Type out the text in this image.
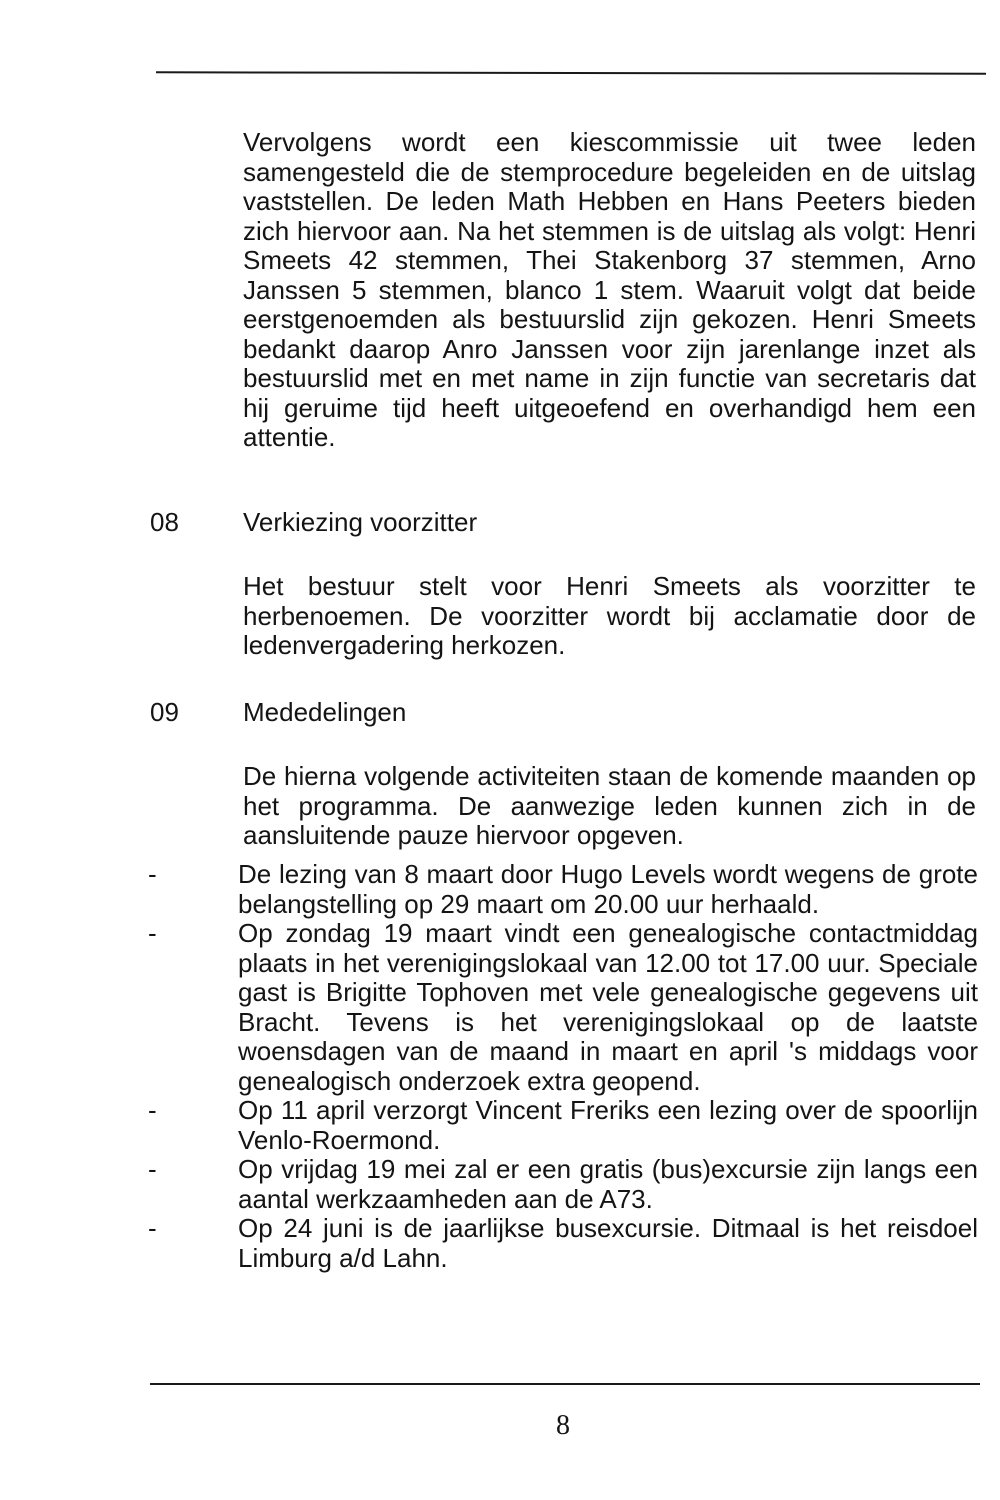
Vervolgens wordt een kiescommissie uit twee leden samengesteld die de stemprocedure begeleiden en de uitslag vaststellen. De leden Math Hebben en Hans Peeters bieden zich hiervoor aan. Na het stemmen is de uitslag als volgt: Henri Smeets 42 stemmen, Thei Stakenborg 37 stemmen, Arno Janssen 5 stemmen, blanco 1 stem. Waaruit volgt dat beide eerstgenoemden als bestuurslid zijn gekozen. Henri Smeets bedankt daarop Anro Janssen voor zijn jarenlange inzet als bestuurslid met en met name in zijn functie van secretaris dat hij geruime tijd heeft uitgeoefend en overhandigd hem een attentie.

08 Verkiezing voorzitter

Het bestuur stelt voor Henri Smeets als voorzitter te herbenoemen. De voorzitter wordt bij acclamatie door de ledenvergadering herkozen.

09 Mededelingen

De hierna volgende activiteiten staan de komende maanden op het programma. De aanwezige leden kunnen zich in de aansluitende pauze hiervoor opgeven.

-	De lezing van 8 maart door Hugo Levels wordt wegens de grote belangstelling op 29 maart om 20.00 uur herhaald.
-	Op zondag 19 maart vindt een genealogische contactmiddag plaats in het verenigingslokaal van 12.00 tot 17.00 uur. Speciale gast is Brigitte Tophoven met vele genealogische gegevens uit Bracht. Tevens is het verenigingslokaal op de laatste woensdagen van de maand in maart en april 's middags voor genealogisch onderzoek extra geopend.
-	Op 11 april verzorgt Vincent Freriks een lezing over de spoorlijn Venlo-Roermond.
-	Op vrijdag 19 mei zal er een gratis (bus)excursie zijn langs een aantal werkzaamheden aan de A73.
-	Op 24 juni is de jaarlijkse busexcursie. Ditmaal is het reisdoel Limburg a/d Lahn.
8
